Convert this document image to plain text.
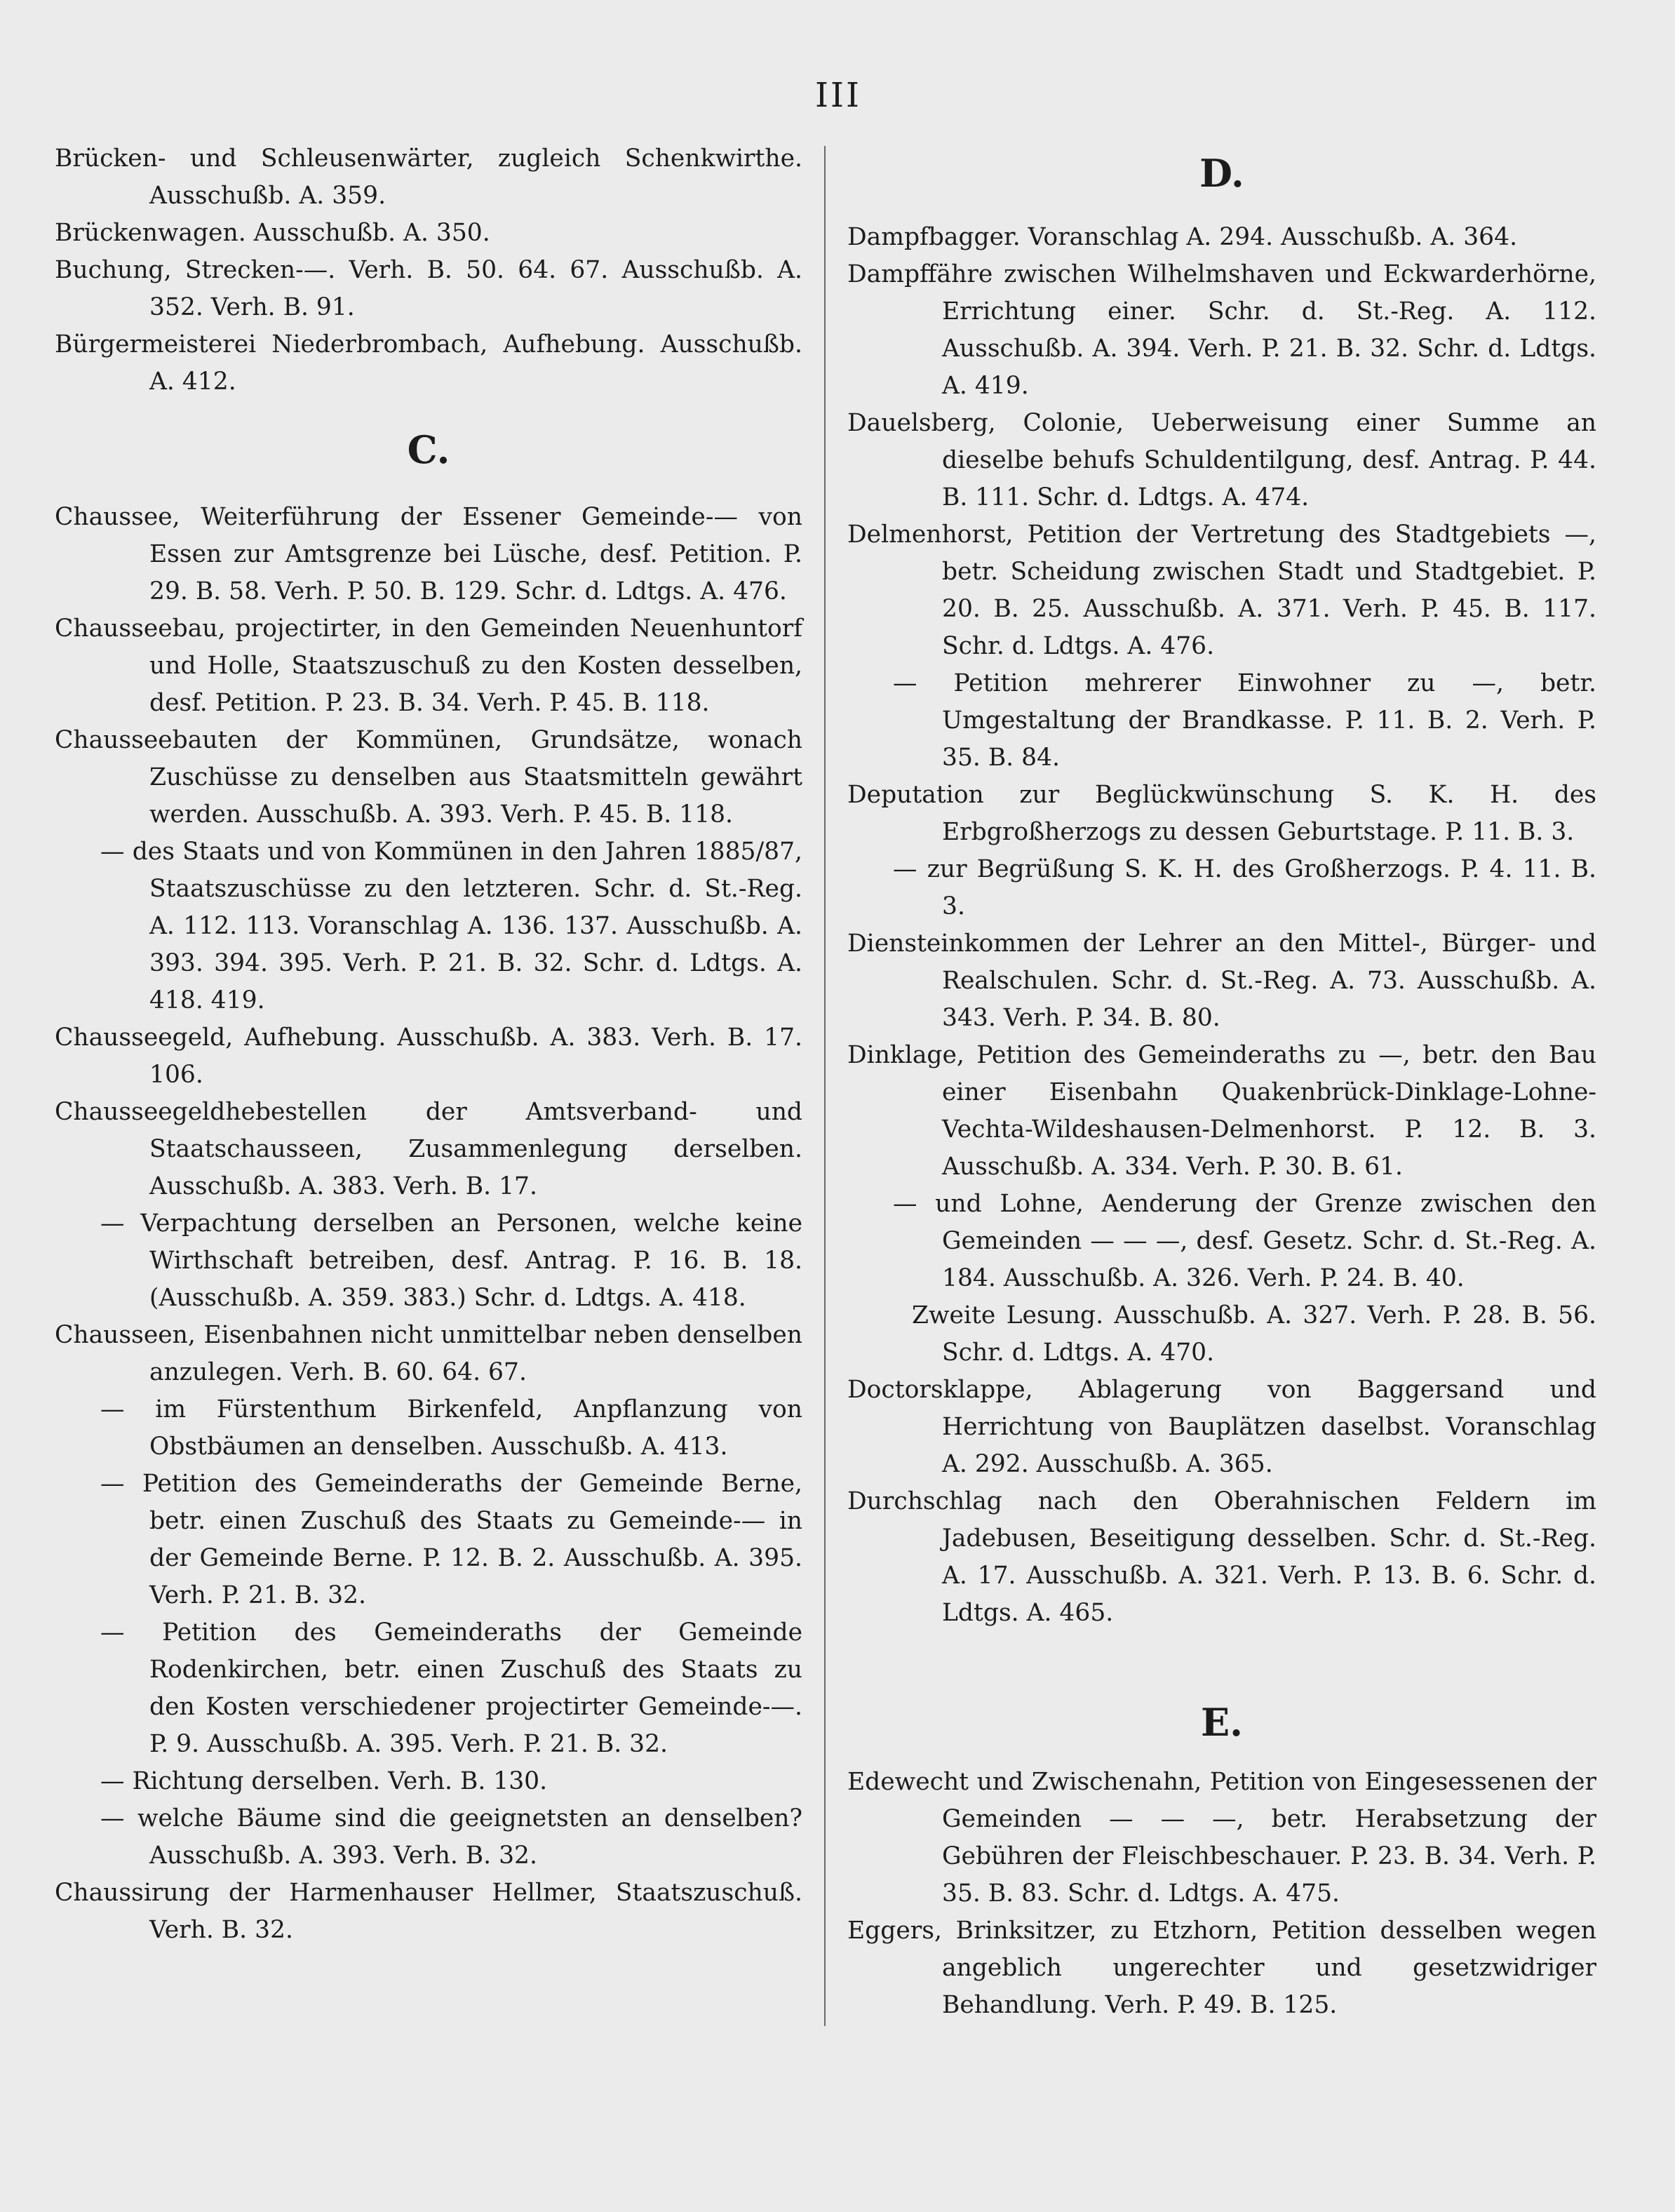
III

Brücken- und Schleusenwärter, zugleich Schenkwirthe. Ausschußb. A. 359.

Brückenwagen. Ausschußb. A. 350.

Buchung, Strecken-—. Verh. B. 50. 64. 67. Ausschußb. A. 352. Verh. B. 91.

Bürgermeisterei Niederbrombach, Aufhebung. Ausschußb. A. 412.

C.

Chaussee, Weiterführung der Essener Gemeinde-— von Essen zur Amtsgrenze bei Lüsche, desf. Petition. P. 29. B. 58. Verh. P. 50. B. 129. Schr. d. Ldtgs. A. 476.

Chausseebau, projectirter, in den Gemeinden Neuenhuntorf und Holle, Staatszuschuß zu den Kosten desselben, desf. Petition. P. 23. B. 34. Verh. P. 45. B. 118.

Chausseebauten der Kommünen, Grundsätze, wonach Zuschüsse zu denselben aus Staatsmitteln gewährt werden. Ausschußb. A. 393. Verh. P. 45. B. 118.

— des Staats und von Kommünen in den Jahren 1885/87, Staatszuschüsse zu den letzteren. Schr. d. St.-Reg. A. 112. 113. Voranschlag A. 136. 137. Ausschußb. A. 393. 394. 395. Verh. P. 21. B. 32. Schr. d. Ldtgs. A. 418. 419.

Chausseegeld, Aufhebung. Ausschußb. A. 383. Verh. B. 17. 106.

Chausseegeldhebestellen der Amtsverband- und Staatschausseen, Zusammenlegung derselben. Ausschußb. A. 383. Verh. B. 17.

— Verpachtung derselben an Personen, welche keine Wirthschaft betreiben, desf. Antrag. P. 16. B. 18. (Ausschußb. A. 359. 383.) Schr. d. Ldtgs. A. 418.

Chausseen, Eisenbahnen nicht unmittelbar neben denselben anzulegen. Verh. B. 60. 64. 67.

— im Fürstenthum Birkenfeld, Anpflanzung von Obstbäumen an denselben. Ausschußb. A. 413.

— Petition des Gemeinderaths der Gemeinde Berne, betr. einen Zuschuß des Staats zu Gemeinde-— in der Gemeinde Berne. P. 12. B. 2. Ausschußb. A. 395. Verh. P. 21. B. 32.

— Petition des Gemeinderaths der Gemeinde Rodenkirchen, betr. einen Zuschuß des Staats zu den Kosten verschiedener projectirter Gemeinde-—. P. 9. Ausschußb. A. 395. Verh. P. 21. B. 32.

— Richtung derselben. Verh. B. 130.

— welche Bäume sind die geeignetsten an denselben? Ausschußb. A. 393. Verh. B. 32.

Chaussirung der Harmenhauser Hellmer, Staatszuschuß. Verh. B. 32.

D.

Dampfbagger. Voranschlag A. 294. Ausschußb. A. 364.

Dampffähre zwischen Wilhelmshaven und Eckwarderhörne, Errichtung einer. Schr. d. St.-Reg. A. 112. Ausschußb. A. 394. Verh. P. 21. B. 32. Schr. d. Ldtgs. A. 419.

Dauelsberg, Colonie, Ueberweisung einer Summe an dieselbe behufs Schuldentilgung, desf. Antrag. P. 44. B. 111. Schr. d. Ldtgs. A. 474.

Delmenhorst, Petition der Vertretung des Stadtgebiets —, betr. Scheidung zwischen Stadt und Stadtgebiet. P. 20. B. 25. Ausschußb. A. 371. Verh. P. 45. B. 117. Schr. d. Ldtgs. A. 476.

— Petition mehrerer Einwohner zu —, betr. Umgestaltung der Brandkasse. P. 11. B. 2. Verh. P. 35. B. 84.

Deputation zur Beglückwünschung S. K. H. des Erbgroßherzogs zu dessen Geburtstage. P. 11. B. 3.

— zur Begrüßung S. K. H. des Großherzogs. P. 4. 11. B. 3.

Diensteinkommen der Lehrer an den Mittel-, Bürger- und Realschulen. Schr. d. St.-Reg. A. 73. Ausschußb. A. 343. Verh. P. 34. B. 80.

Dinklage, Petition des Gemeinderaths zu —, betr. den Bau einer Eisenbahn Quakenbrück-Dinklage-Lohne-Vechta-Wildeshausen-Delmenhorst. P. 12. B. 3. Ausschußb. A. 334. Verh. P. 30. B. 61.

— und Lohne, Aenderung der Grenze zwischen den Gemeinden — — —, desf. Gesetz. Schr. d. St.-Reg. A. 184. Ausschußb. A. 326. Verh. P. 24. B. 40.

Zweite Lesung. Ausschußb. A. 327. Verh. P. 28. B. 56. Schr. d. Ldtgs. A. 470.

Doctorsklappe, Ablagerung von Baggersand und Herrichtung von Bauplätzen daselbst. Voranschlag A. 292. Ausschußb. A. 365.

Durchschlag nach den Oberahnischen Feldern im Jadebusen, Beseitigung desselben. Schr. d. St.-Reg. A. 17. Ausschußb. A. 321. Verh. P. 13. B. 6. Schr. d. Ldtgs. A. 465.

E.

Edewecht und Zwischenahn, Petition von Eingesessenen der Gemeinden — — —, betr. Herabsetzung der Gebühren der Fleischbeschauer. P. 23. B. 34. Verh. P. 35. B. 83. Schr. d. Ldtgs. A. 475.

Eggers, Brinksitzer, zu Etzhorn, Petition desselben wegen angeblich ungerechter und gesetzwidriger Behandlung. Verh. P. 49. B. 125.
